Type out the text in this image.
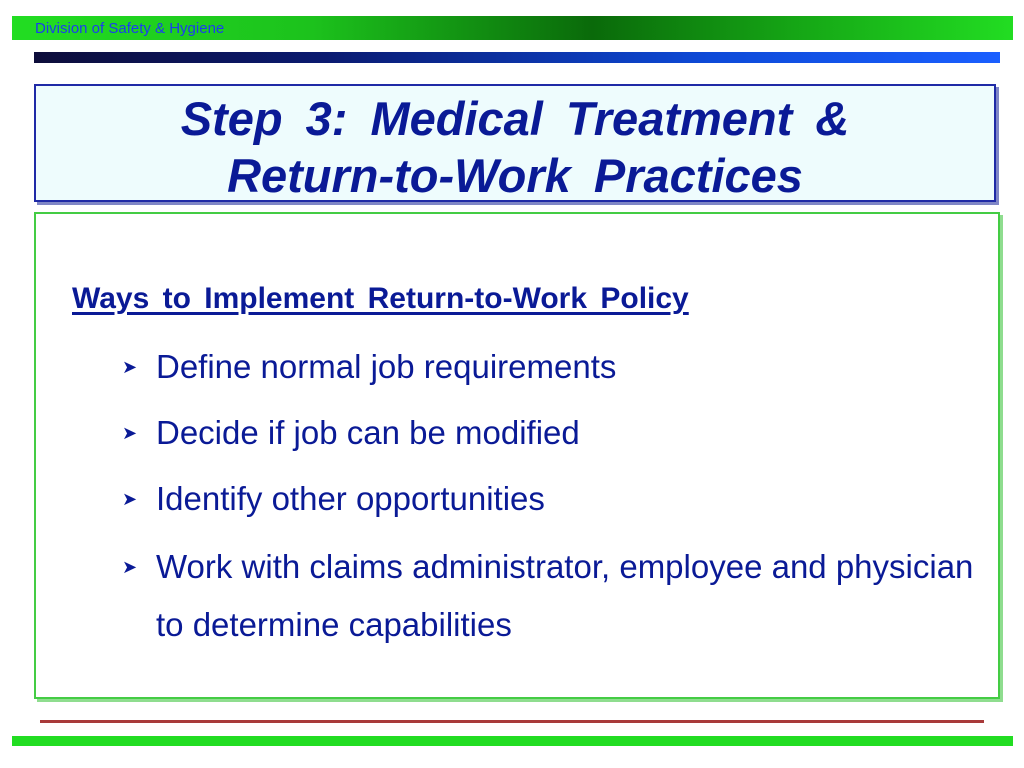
Division of Safety & Hygiene
Step 3: Medical Treatment &
Return-to-Work Practices
Ways to Implement Return-to-Work Policy
➤ Define normal job requirements
➤ Decide if job can be modified
➤ Identify other opportunities
➤ Work with claims administrator, employee and physician to determine capabilities
